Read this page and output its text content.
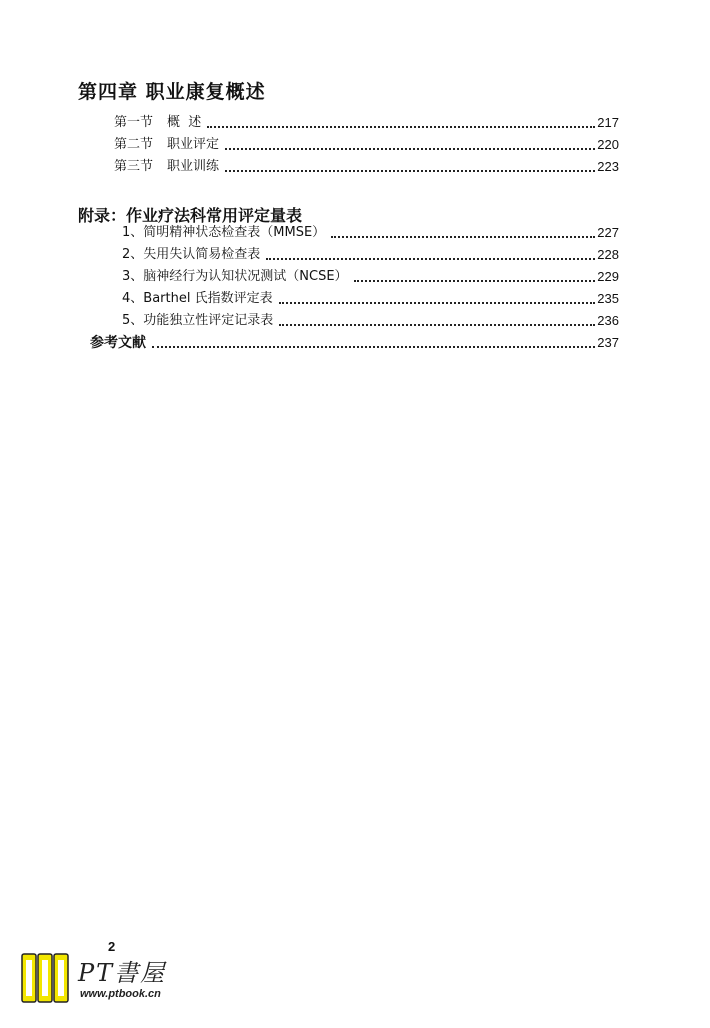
第四章 职业康复概述
第一节 概  述	217
第二节 职业评定	220
第三节 职业训练	223
附录：作业疗法科常用评定量表
1、简明精神状态检查表（MMSE）	227
2、失用失认简易检查表	228
3、脑神经行为认知状况测试（NCSE）	229
4、Barthel 氏指数评定表	235
5、功能独立性评定记录表	236
参考文献	237
2
PT書屋
www.ptbook.cn
